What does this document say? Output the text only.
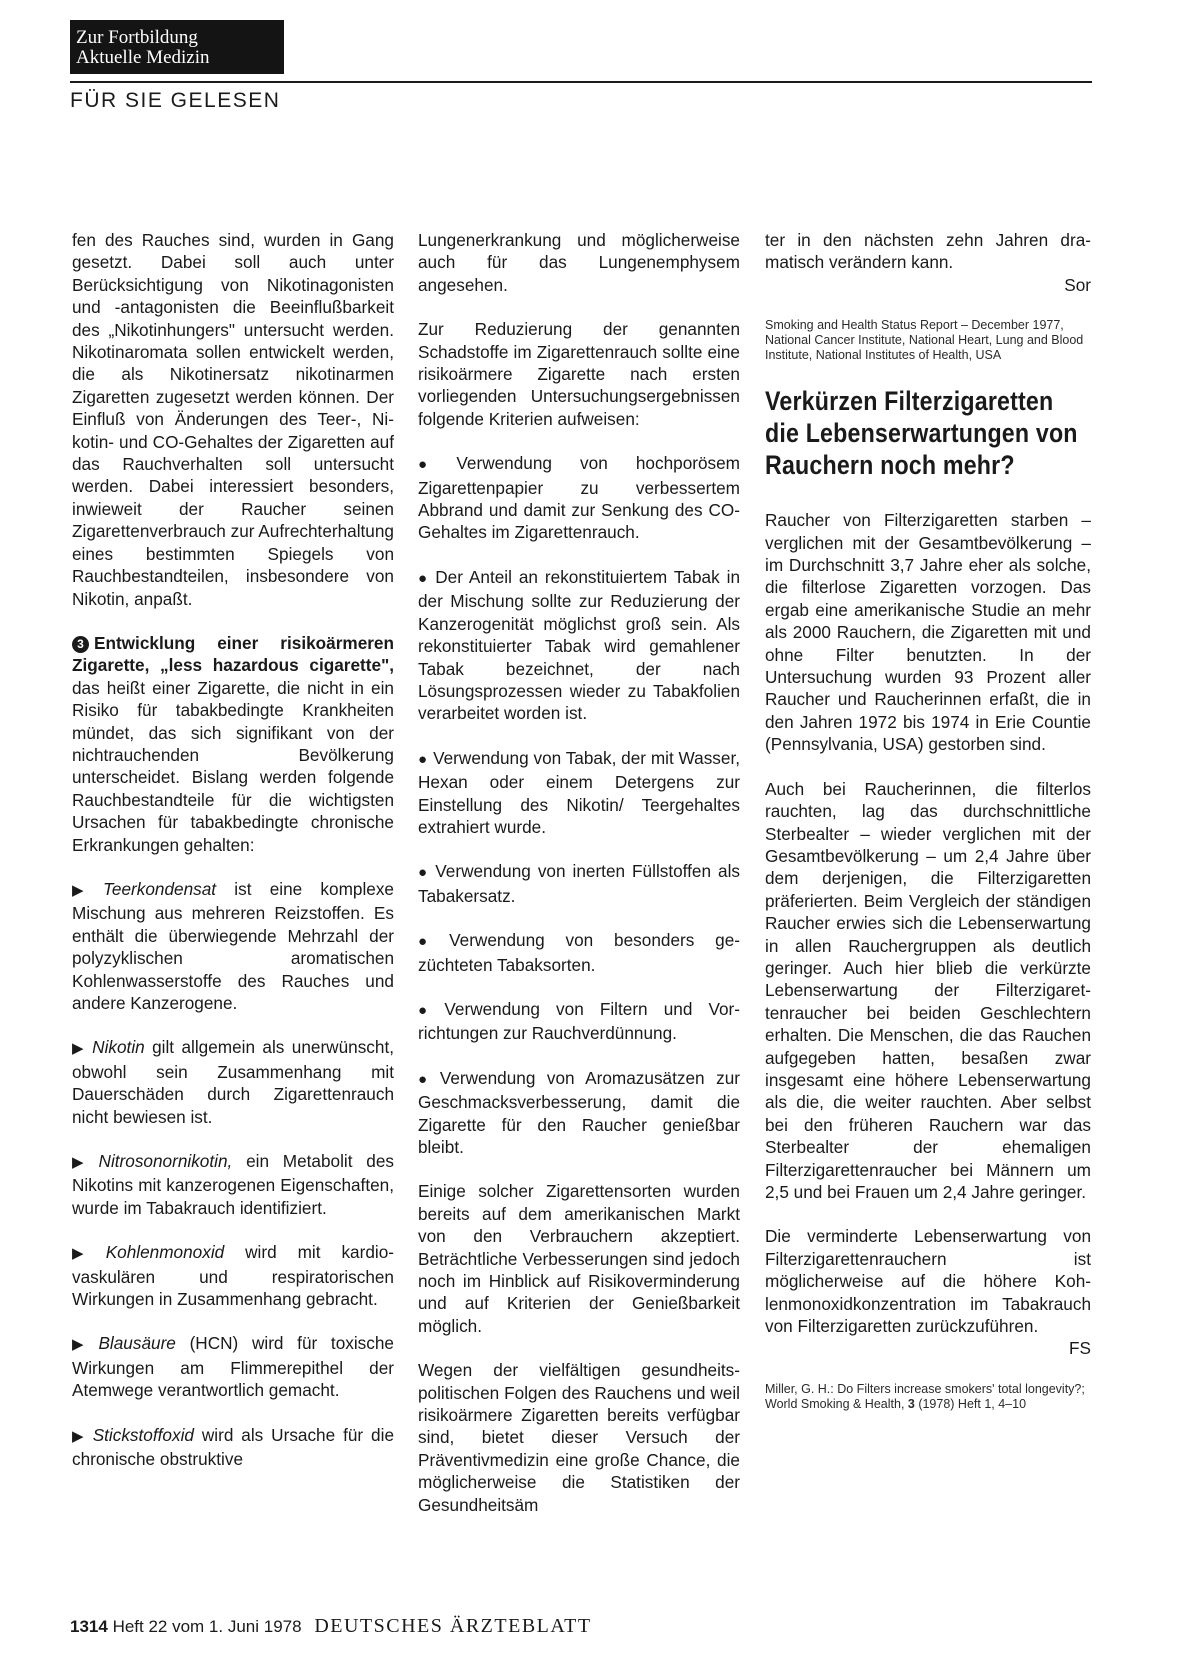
Zur Fortbildung
Aktuelle Medizin
FÜR SIE GELESEN

fen des Rauches sind, wurden in Gang gesetzt. Dabei soll auch unter Berücksichtigung von Nikotinagonisten und -antagonisten die Beeinflußbarkeit des „Nikotinhungers" untersucht werden. Nikotinaromata sollen entwickelt werden, die als Nikotinersatz nikotinarmen Zigaretten zugesetzt werden können. Der Einfluß von Änderungen des Teer-, Nikotin- und CO-Gehaltes der Zigaretten auf das Rauchverhalten soll untersucht werden. Dabei interessiert besonders, inwieweit der Raucher seinen Zigarettenverbrauch zur Aufrechterhaltung eines bestimmten Spiegels von Rauchbestandteilen, insbesondere von Nikotin, anpaßt.

3 Entwicklung einer risikoärmeren Zigarette, „less hazardous cigarette", das heißt einer Zigarette, die nicht in ein Risiko für tabakbedingte Krankheiten mündet, das sich signifikant von der nichtrauchenden Bevölkerung unterscheidet. Bislang werden folgende Rauchbestandteile für die wichtigsten Ursachen für tabakbedingte chronische Erkrankungen gehalten:

▶ Teerkondensat ist eine komplexe Mischung aus mehreren Reizstoffen. Es enthält die überwiegende Mehrzahl der polyzyklischen aromatischen Kohlenwasserstoffe des Rauches und andere Kanzerogene.

▶ Nikotin gilt allgemein als unerwünscht, obwohl sein Zusammenhang mit Dauerschäden durch Zigarettenrauch nicht bewiesen ist.

▶ Nitrosonornikotin, ein Metabolit des Nikotins mit kanzerogenen Eigenschaften, wurde im Tabakrauch identifiziert.

▶ Kohlenmonoxid wird mit kardiovaskulären und respiratorischen Wirkungen in Zusammenhang gebracht.

▶ Blausäure (HCN) wird für toxische Wirkungen am Flimmerepithel der Atemwege verantwortlich gemacht.

▶ Stickstoffoxid wird als Ursache für die chronische obstruktive

Lungenerkrankung und möglicherweise auch für das Lungenemphysem angesehen.

Zur Reduzierung der genannten Schadstoffe im Zigarettenrauch sollte eine risikoärmere Zigarette nach ersten vorliegenden Untersuchungsergebnissen folgende Kriterien aufweisen:

● Verwendung von hochporösem Zigarettenpapier zu verbessertem Abbrand und damit zur Senkung des CO-Gehaltes im Zigarettenrauch.

● Der Anteil an rekonstituiertem Tabak in der Mischung sollte zur Reduzierung der Kanzerogenität möglichst groß sein. Als rekonstituierter Tabak wird gemahlener Tabak bezeichnet, der nach Lösungsprozessen wieder zu Tabakfolien verarbeitet worden ist.

● Verwendung von Tabak, der mit Wasser, Hexan oder einem Detergens zur Einstellung des Nikotin/ Teergehaltes extrahiert wurde.

● Verwendung von inerten Füllstoffen als Tabakersatz.

● Verwendung von besonders gezüchteten Tabaksorten.

● Verwendung von Filtern und Vorrichtungen zur Rauchverdünnung.

● Verwendung von Aromazusätzen zur Geschmacksverbesserung, damit die Zigarette für den Raucher genießbar bleibt.

Einige solcher Zigarettensorten wurden bereits auf dem amerikanischen Markt von den Verbrauchern akzeptiert. Beträchtliche Verbesserungen sind jedoch noch im Hinblick auf Risikoverminderung und auf Kriterien der Genießbarkeit möglich.

Wegen der vielfältigen gesundheitspolitischen Folgen des Rauchens und weil risikoärmere Zigaretten bereits verfügbar sind, bietet dieser Versuch der Präventivmedizin eine große Chance, die möglicherweise die Statistiken der Gesundheitsäm

ter in den nächsten zehn Jahren dramatisch verändern kann.
Sor

Smoking and Health Status Report – December 1977, National Cancer Institute, National Heart, Lung and Blood Institute, National Institutes of Health, USA

Verkürzen Filterzigaretten die Lebenserwartungen von Rauchern noch mehr?

Raucher von Filterzigaretten starben – verglichen mit der Gesamtbevölkerung – im Durchschnitt 3,7 Jahre eher als solche, die filterlose Zigaretten vorzogen. Das ergab eine amerikanische Studie an mehr als 2000 Rauchern, die Zigaretten mit und ohne Filter benutzten. In der Untersuchung wurden 93 Prozent aller Raucher und Raucherinnen erfaßt, die in den Jahren 1972 bis 1974 in Erie Countie (Pennsylvania, USA) gestorben sind.

Auch bei Raucherinnen, die filterlos rauchten, lag das durchschnittliche Sterbealter – wieder verglichen mit der Gesamtbevölkerung – um 2,4 Jahre über dem derjenigen, die Filterzigaretten präferierten. Beim Vergleich der ständigen Raucher erwies sich die Lebenserwartung in allen Rauchergruppen als deutlich geringer. Auch hier blieb die verkürzte Lebenserwartung der Filterzigarettenraucher bei beiden Geschlechtern erhalten. Die Menschen, die das Rauchen aufgegeben hatten, besaßen zwar insgesamt eine höhere Lebenserwartung als die, die weiter rauchten. Aber selbst bei den früheren Rauchern war das Sterbealter der ehemaligen Filterzigarettenraucher bei Männern um 2,5 und bei Frauen um 2,4 Jahre geringer.

Die verminderte Lebenserwartung von Filterzigarettenrauchern ist möglicherweise auf die höhere Kohlenmonoxidkonzentration im Tabakrauch von Filterzigaretten zurückzuführen.
FS

Miller, G. H.: Do Filters increase smokers' total longevity?; World Smoking & Health, 3 (1978) Heft 1, 4–10

1314 Heft 22 vom 1. Juni 1978 DEUTSCHES ÄRZTEBLATT
